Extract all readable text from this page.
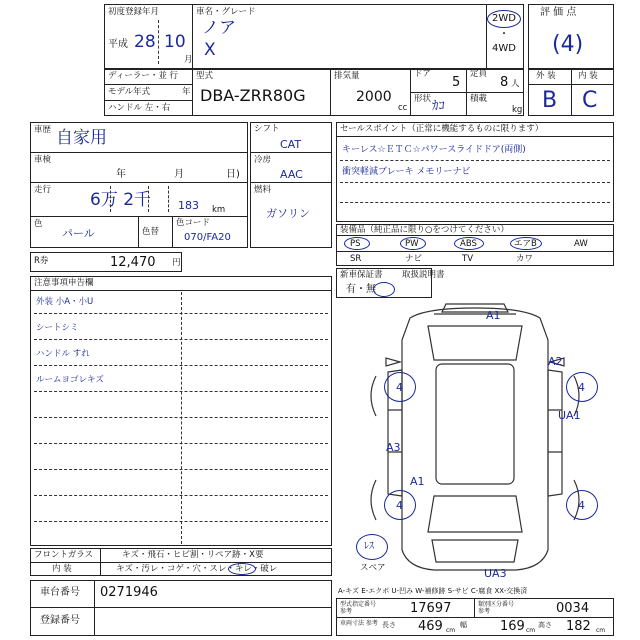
初度登録年月
平成 28 10
月
車名・グレード
ノア
X
2WD
・
4WD
ディーラー・並 行
モデル年式	年
ハンドル 左・右
型式
DBA-ZRR80G
排気量
2000
cc
ドア
5
定員
8 人
形状 ｶｺ	積載
kg
評 価 点
(4)
外 装	内 装
B C
車歴 自家用
車検
年	月	日)
走行 6万 2千 183 km
色
パール	色替
色コード
070/FA20
シフト
CAT
冷房
AAC
燃料
ガソリン
セールスポイント（正常に機能するものに限ります）
キーレス☆ＥＴＣ☆パワースライドドア(両側)
衝突軽減ブレーキ メモリーナビ
装備品（純正品に限り○をつけてください）
PS	PW	ABS	エアB	AW
SR	ナビ	TV	カワ
新車保証書 取扱説明書
有・無
R券	12,470 円
注意事項申告欄
外装 小A・小U
シートシミ
ハンドル すれ
ルームヨゴレキズ
4	4
4	4
A1
A2
UA1
A3
A1
UA3
ﾚｽ
スペア
フロントガラス	キズ・飛石・ヒビ割・リペア跡・X要
内 装	キズ・汚レ・コゲ・穴・スレ・キレ・破レ
車台番号 0271946
登録番号
A-キズ E-エクボ U-凹み W-補修跡 S-サビ C-腐食 XX-交換済
型式指定番号 参考	17697	類別区分番号 参考	0034
車両寸法 参考 長さ 469 cm
幅	169 cm
高さ 182 cm
